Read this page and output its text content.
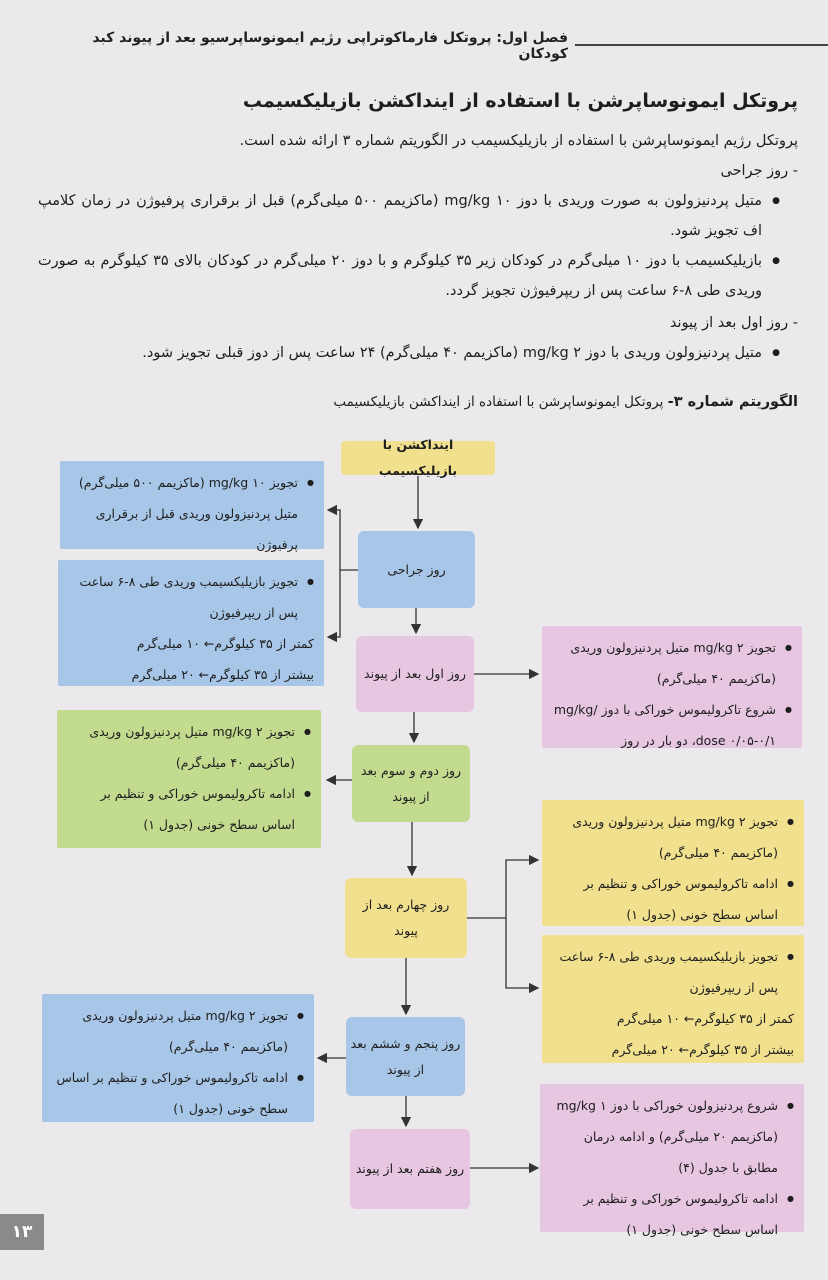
فصل اول: پروتکل فارماکوتراپی رژیم ایمونوساپرسیو بعد از پیوند کبد کودکان
پروتکل ایمونوساپرشن با استفاده از ایندا‌کشن بازیلیکسیمب
پروتکل رژیم ایمونوساپرشن با استفاده از بازیلیکسیمب در الگوریتم شماره ۳ ارائه شده است.
- روز جراحی
● متیل پردنیزولون به صورت وریدی با دوز ۱۰ mg/kg (ماکزیمم ۵۰۰ میلی‌گرم) قبل از برقراری پرفیوژن در زمان کلامپ اف تجویز شود.
● بازیلیکسیمب با دوز ۱۰ میلی‌گرم در کودکان زیر ۳۵ کیلوگرم و با دوز ۲۰ میلی‌گرم در کودکان بالای ۳۵ کیلوگرم به صورت وریدی طی ۸-۶ ساعت پس از ریپرفیوژن تجویز گردد.
- روز اول بعد از پیوند
● متیل پردنیزولون وریدی با دوز ۲ mg/kg (ماکزیمم ۴۰ میلی‌گرم) ۲۴ ساعت پس از دوز قبلی تجویز شود.
الگوریتم شماره ۳- پروتکل ایمونوساپرشن با استفاده از ایندا‌کشن بازیلیکسیمب
ایندا‌کشن با بازیلیکسیمب
روز جراحی
روز اول بعد از پیوند
روز دوم و سوم بعد از پیوند
روز چهارم بعد از پیوند
روز پنجم و ششم بعد از پیوند
روز هفتم بعد از پیوند
● تجویز ۱۰ mg/kg (ماکزیمم ۵۰۰ میلی‌گرم) متیل پردنیزولون وریدی قبل از برقراری پرفیوژن
● تجویز بازیلیکسیمب وریدی طی ۸-۶ ساعت پس از ریپرفیوژن
کمتر از ۳۵ کیلوگرم← ۱۰ میلی‌گرم
بیشتر از ۳۵ کیلوگرم← ۲۰ میلی‌گرم
● تجویز ۲ mg/kg متیل پردنیزولون وریدی (ماکزیمم ۴۰ میلی‌گرم)
● ادامه تاکرولیموس خوراکی و تنظیم بر اساس سطح خونی (جدول ۱)
● تجویز ۲ mg/kg متیل پردنیزولون وریدی (ماکزیمم ۴۰ میلی‌گرم)
● ادامه تاکرولیموس خوراکی و تنظیم بر اساس سطح خونی (جدول ۱)
● تجویز ۲ mg/kg متیل پردنیزولون وریدی (ماکزیمم ۴۰ میلی‌گرم)
● شروع تاکرولیموس خوراکی با دوز mg/kg/ dose ۰/۰۵-۰/۱، دو بار در روز
● تجویز ۲ mg/kg متیل پردنیزولون وریدی (ماکزیمم ۴۰ میلی‌گرم)
● ادامه تاکرولیموس خوراکی و تنظیم بر اساس سطح خونی (جدول ۱)
● تجویز بازیلیکسیمب وریدی طی ۸-۶ ساعت پس از ریپرفیوژن
کمتر از ۳۵ کیلوگرم← ۱۰ میلی‌گرم
بیشتر از ۳۵ کیلوگرم← ۲۰ میلی‌گرم
● شروع پردنیزولون خوراکی با دوز ۱ mg/kg (ماکزیمم ۲۰ میلی‌گرم) و ادامه درمان مطابق با جدول (۴)
● ادامه تاکرولیموس خوراکی و تنظیم بر اساس سطح خونی (جدول ۱)
۱۳
